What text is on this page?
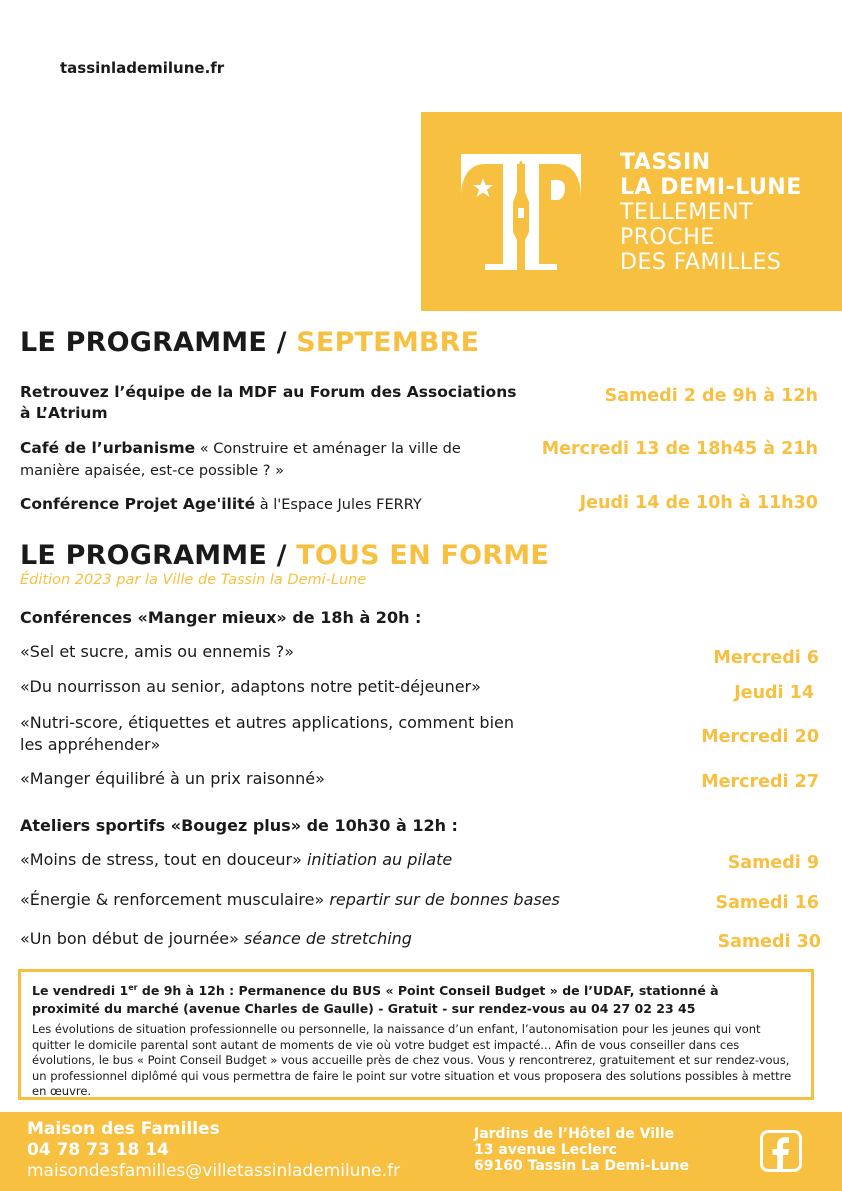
tassinlademilune.fr
TASSIN
LA DEMI-LUNE
TELLEMENT
PROCHE
DES FAMILLES
LE PROGRAMME / SEPTEMBRE
Retrouvez l’équipe de la MDF au Forum des Associations à L’Atrium
Samedi 2 de 9h à 12h
Café de l’urbanisme « Construire et aménager la ville de manière apaisée, est-ce possible ? »
Mercredi 13 de 18h45 à 21h
Conférence Projet Age'ilité à l'Espace Jules FERRY	Jeudi 14 de 10h à 11h30
LE PROGRAMME / TOUS EN FORME
Édition 2023 par la Ville de Tassin la Demi-Lune
Conférences «Manger mieux» de 18h à 20h :
«Sel et sucre, amis ou ennemis ?»	Mercredi 6
«Du nourrisson au senior, adaptons notre petit-déjeuner»	Jeudi 14
«Nutri-score, étiquettes et autres applications, comment bien les appréhender»	Mercredi 20
«Manger équilibré à un prix raisonné»	Mercredi 27
Ateliers sportifs «Bougez plus» de 10h30 à 12h :
«Moins de stress, tout en douceur» initiation au pilate	Samedi 9
«Énergie & renforcement musculaire» repartir sur de bonnes bases	Samedi 16
«Un bon début de journée» séance de stretching	Samedi 30
Le vendredi 1er de 9h à 12h : Permanence du BUS « Point Conseil Budget » de l’UDAF, stationné à proximité du marché (avenue Charles de Gaulle) - Gratuit - sur rendez-vous au 04 27 02 23 45
Les évolutions de situation professionnelle ou personnelle, la naissance d’un enfant, l’autonomisation pour les jeunes qui vont quitter le domicile parental sont autant de moments de vie où votre budget est impacté... Afin de vous conseiller dans ces évolutions, le bus « Point Conseil Budget » vous accueille près de chez vous. Vous y rencontrerez, gratuitement et sur rendez-vous, un professionnel diplômé qui vous permettra de faire le point sur votre situation et vous proposera des solutions possibles à mettre en œuvre.
Maison des Familles
04 78 73 18 14
maisondesfamilles@villetassinlademilune.fr
Jardins de l’Hôtel de Ville
13 avenue Leclerc
69160 Tassin La Demi-Lune
